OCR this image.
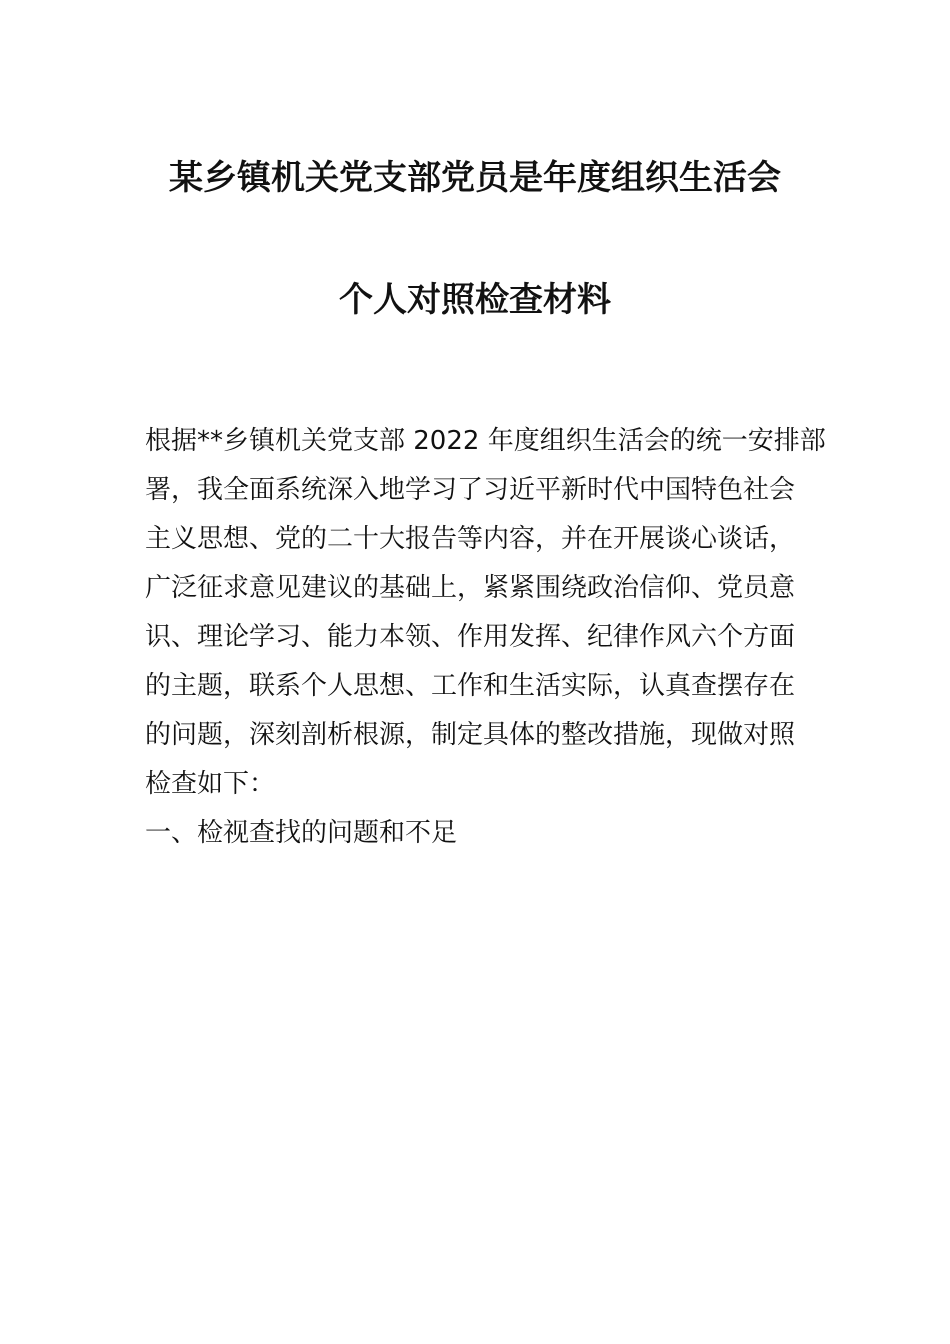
某乡镇机关党支部党员是年度组织生活会
个人对照检查材料
根据**乡镇机关党支部 2022 年度组织生活会的统一安排部
署，我全面系统深入地学习了习近平新时代中国特色社会
主义思想、党的二十大报告等内容，并在开展谈心谈话，
广泛征求意见建议的基础上，紧紧围绕政治信仰、党员意
识、理论学习、能力本领、作用发挥、纪律作风六个方面
的主题，联系个人思想、工作和生活实际，认真查摆存在
的问题，深刻剖析根源，制定具体的整改措施，现做对照
检查如下：
一、检视查找的问题和不足
